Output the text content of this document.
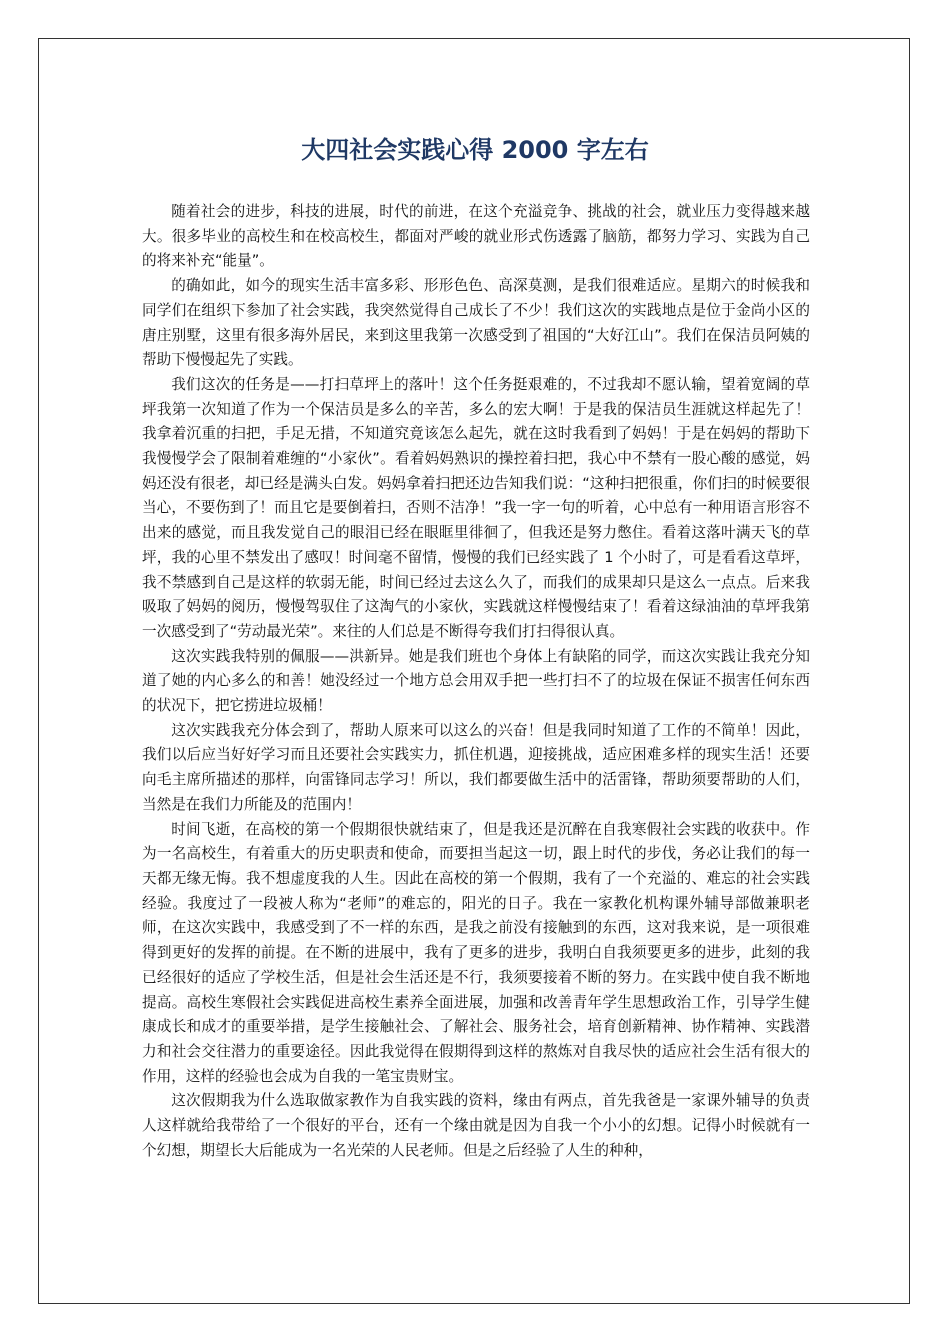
大四社会实践心得 2000 字左右

随着社会的进步，科技的进展，时代的前进，在这个充溢竞争、挑战的社会，就业压力变得越来越大。很多毕业的高校生和在校高校生，都面对严峻的就业形式伤透露了脑筋，都努力学习、实践为自己的将来补充“能量”。

的确如此，如今的现实生活丰富多彩、形形色色、高深莫测，是我们很难适应。星期六的时候我和同学们在组织下参加了社会实践，我突然觉得自己成长了不少！我们这次的实践地点是位于金尚小区的唐庄别墅，这里有很多海外居民，来到这里我第一次感受到了祖国的“大好江山”。我们在保洁员阿姨的帮助下慢慢起先了实践。

我们这次的任务是——打扫草坪上的落叶！这个任务挺艰难的，不过我却不愿认输，望着宽阔的草坪我第一次知道了作为一个保洁员是多么的辛苦，多么的宏大啊！于是我的保洁员生涯就这样起先了！我拿着沉重的扫把，手足无措，不知道究竟该怎么起先，就在这时我看到了妈妈！于是在妈妈的帮助下我慢慢学会了限制着难缠的“小家伙”。看着妈妈熟识的操控着扫把，我心中不禁有一股心酸的感觉，妈妈还没有很老，却已经是满头白发。妈妈拿着扫把还边告知我们说：“这种扫把很重，你们扫的时候要很当心，不要伤到了！而且它是要倒着扫，否则不洁净！”我一字一句的听着，心中总有一种用语言形容不出来的感觉，而且我发觉自己的眼泪已经在眼眶里徘徊了，但我还是努力憋住。看着这落叶满天飞的草坪，我的心里不禁发出了感叹！时间毫不留情，慢慢的我们已经实践了 1 个小时了，可是看看这草坪，我不禁感到自己是这样的软弱无能，时间已经过去这么久了，而我们的成果却只是这么一点点。后来我吸取了妈妈的阅历，慢慢驾驭住了这淘气的小家伙，实践就这样慢慢结束了！看着这绿油油的草坪我第一次感受到了“劳动最光荣”。来往的人们总是不断得夸我们打扫得很认真。

这次实践我特别的佩服——洪新异。她是我们班也个身体上有缺陷的同学，而这次实践让我充分知道了她的内心多么的和善！她没经过一个地方总会用双手把一些打扫不了的垃圾在保证不损害任何东西的状况下，把它捞进垃圾桶！

这次实践我充分体会到了，帮助人原来可以这么的兴奋！但是我同时知道了工作的不简单！因此，我们以后应当好好学习而且还要社会实践实力，抓住机遇，迎接挑战，适应困难多样的现实生活！还要向毛主席所描述的那样，向雷锋同志学习！所以，我们都要做生活中的活雷锋，帮助须要帮助的人们，当然是在我们力所能及的范围内！

时间飞逝，在高校的第一个假期很快就结束了，但是我还是沉醉在自我寒假社会实践的收获中。作为一名高校生，有着重大的历史职责和使命，而要担当起这一切，跟上时代的步伐，务必让我们的每一天都无缘无悔。我不想虚度我的人生。因此在高校的第一个假期，我有了一个充溢的、难忘的社会实践经验。我度过了一段被人称为“老师”的难忘的，阳光的日子。我在一家教化机构课外辅导部做兼职老师，在这次实践中，我感受到了不一样的东西，是我之前没有接触到的东西，这对我来说，是一项很难得到更好的发挥的前提。在不断的进展中，我有了更多的进步，我明白自我须要更多的进步，此刻的我已经很好的适应了学校生活，但是社会生活还是不行，我须要接着不断的努力。在实践中使自我不断地提高。高校生寒假社会实践促进高校生素养全面进展，加强和改善青年学生思想政治工作，引导学生健康成长和成才的重要举措，是学生接触社会、了解社会、服务社会，培育创新精神、协作精神、实践潜力和社会交往潜力的重要途径。因此我觉得在假期得到这样的熬炼对自我尽快的适应社会生活有很大的作用，这样的经验也会成为自我的一笔宝贵财宝。

这次假期我为什么选取做家教作为自我实践的资料，缘由有两点，首先我爸是一家课外辅导的负责人这样就给我带给了一个很好的平台，还有一个缘由就是因为自我一个小小的幻想。记得小时候就有一个幻想，期望长大后能成为一名光荣的人民老师。但是之后经验了人生的种种，
